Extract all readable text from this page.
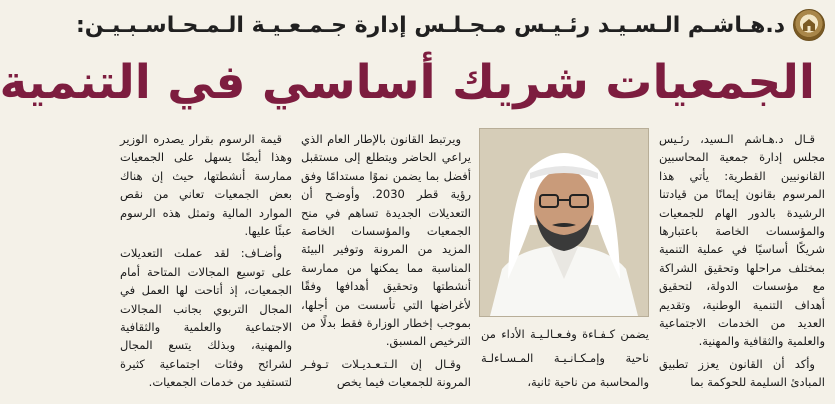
د.هـاشـم الـسـيـد رئـيـس مـجـلـس إدارة جـمـعـيـة الـمـحـاسـبـيـن:
الجمعيات شريك أساسي في التنمية

قـال د.هـاشم الـسيد، رئـيس مجلس إدارة جمعية المحاسبين القانونيين القطرية: يأتي هذا المرسوم بقانون إيمانًا من قيادتنا الرشيدة بالدور الهام للجمعيات والمؤسسات الخاصة باعتبارها شريكًا أساسيًا في عملية التنمية بمختلف مراحلها وتحقيق الشراكة مع مؤسسات الدولة، لتحقيق أهداف التنمية الوطنية، وتقديم العديد من الخدمات الاجتماعية والعلمية والثقافية والمهنية.

وأكد أن القانون يعزز تطبيق المبادئ السليمة للحوكمة بما

يضمن كـفـاءة وفـعـالـيـة الأداء من ناحية وإمـكـانـيـة المـسـاءلـة والمحاسبة من ناحية ثانية،

ويرتبط القانون بالإطار العام الذي يراعي الحاضر ويتطلع إلى مستقبل أفضل بما يضمن نموًا مستدامًا وفق رؤية قطر 2030. وأوضـح أن التعديلات الجديدة تساهم في منح الجمعيات والمؤسسات الخاصة المزيد من المرونة وتوفير البيئة المناسبة مما يمكنها من ممارسة أنشطتها وتحقيق أهدافها وفقًا لأغراضها التي تأسست من أجلها، بموجب إخطار الوزارة فقط بدلًا من الترخيص المسبق.

وقـال إن الـتـعـديـلات تـوفـر المرونة للجمعيات فيما يخص

قيمة الرسوم بقرار يصدره الوزير وهذا أيضًا يسهل على الجمعيات ممارسة أنشطتها، حيث إن هناك بعض الجمعيات تعاني من نقص الموارد المالية وتمثل هذه الرسوم عبئًا عليها.

وأضـاف: لقد عملت التعديلات على توسيع المجالات المتاحة أمام الجمعيات، إذ أتاحت لها العمل في المجال التربوي بجانب المجالات الاجتماعية والعلمية والثقافية والمهنية، وبذلك يتسع المجال لشرائح وفئات اجتماعية كثيرة لتستفيد من خدمات الجمعيات.
